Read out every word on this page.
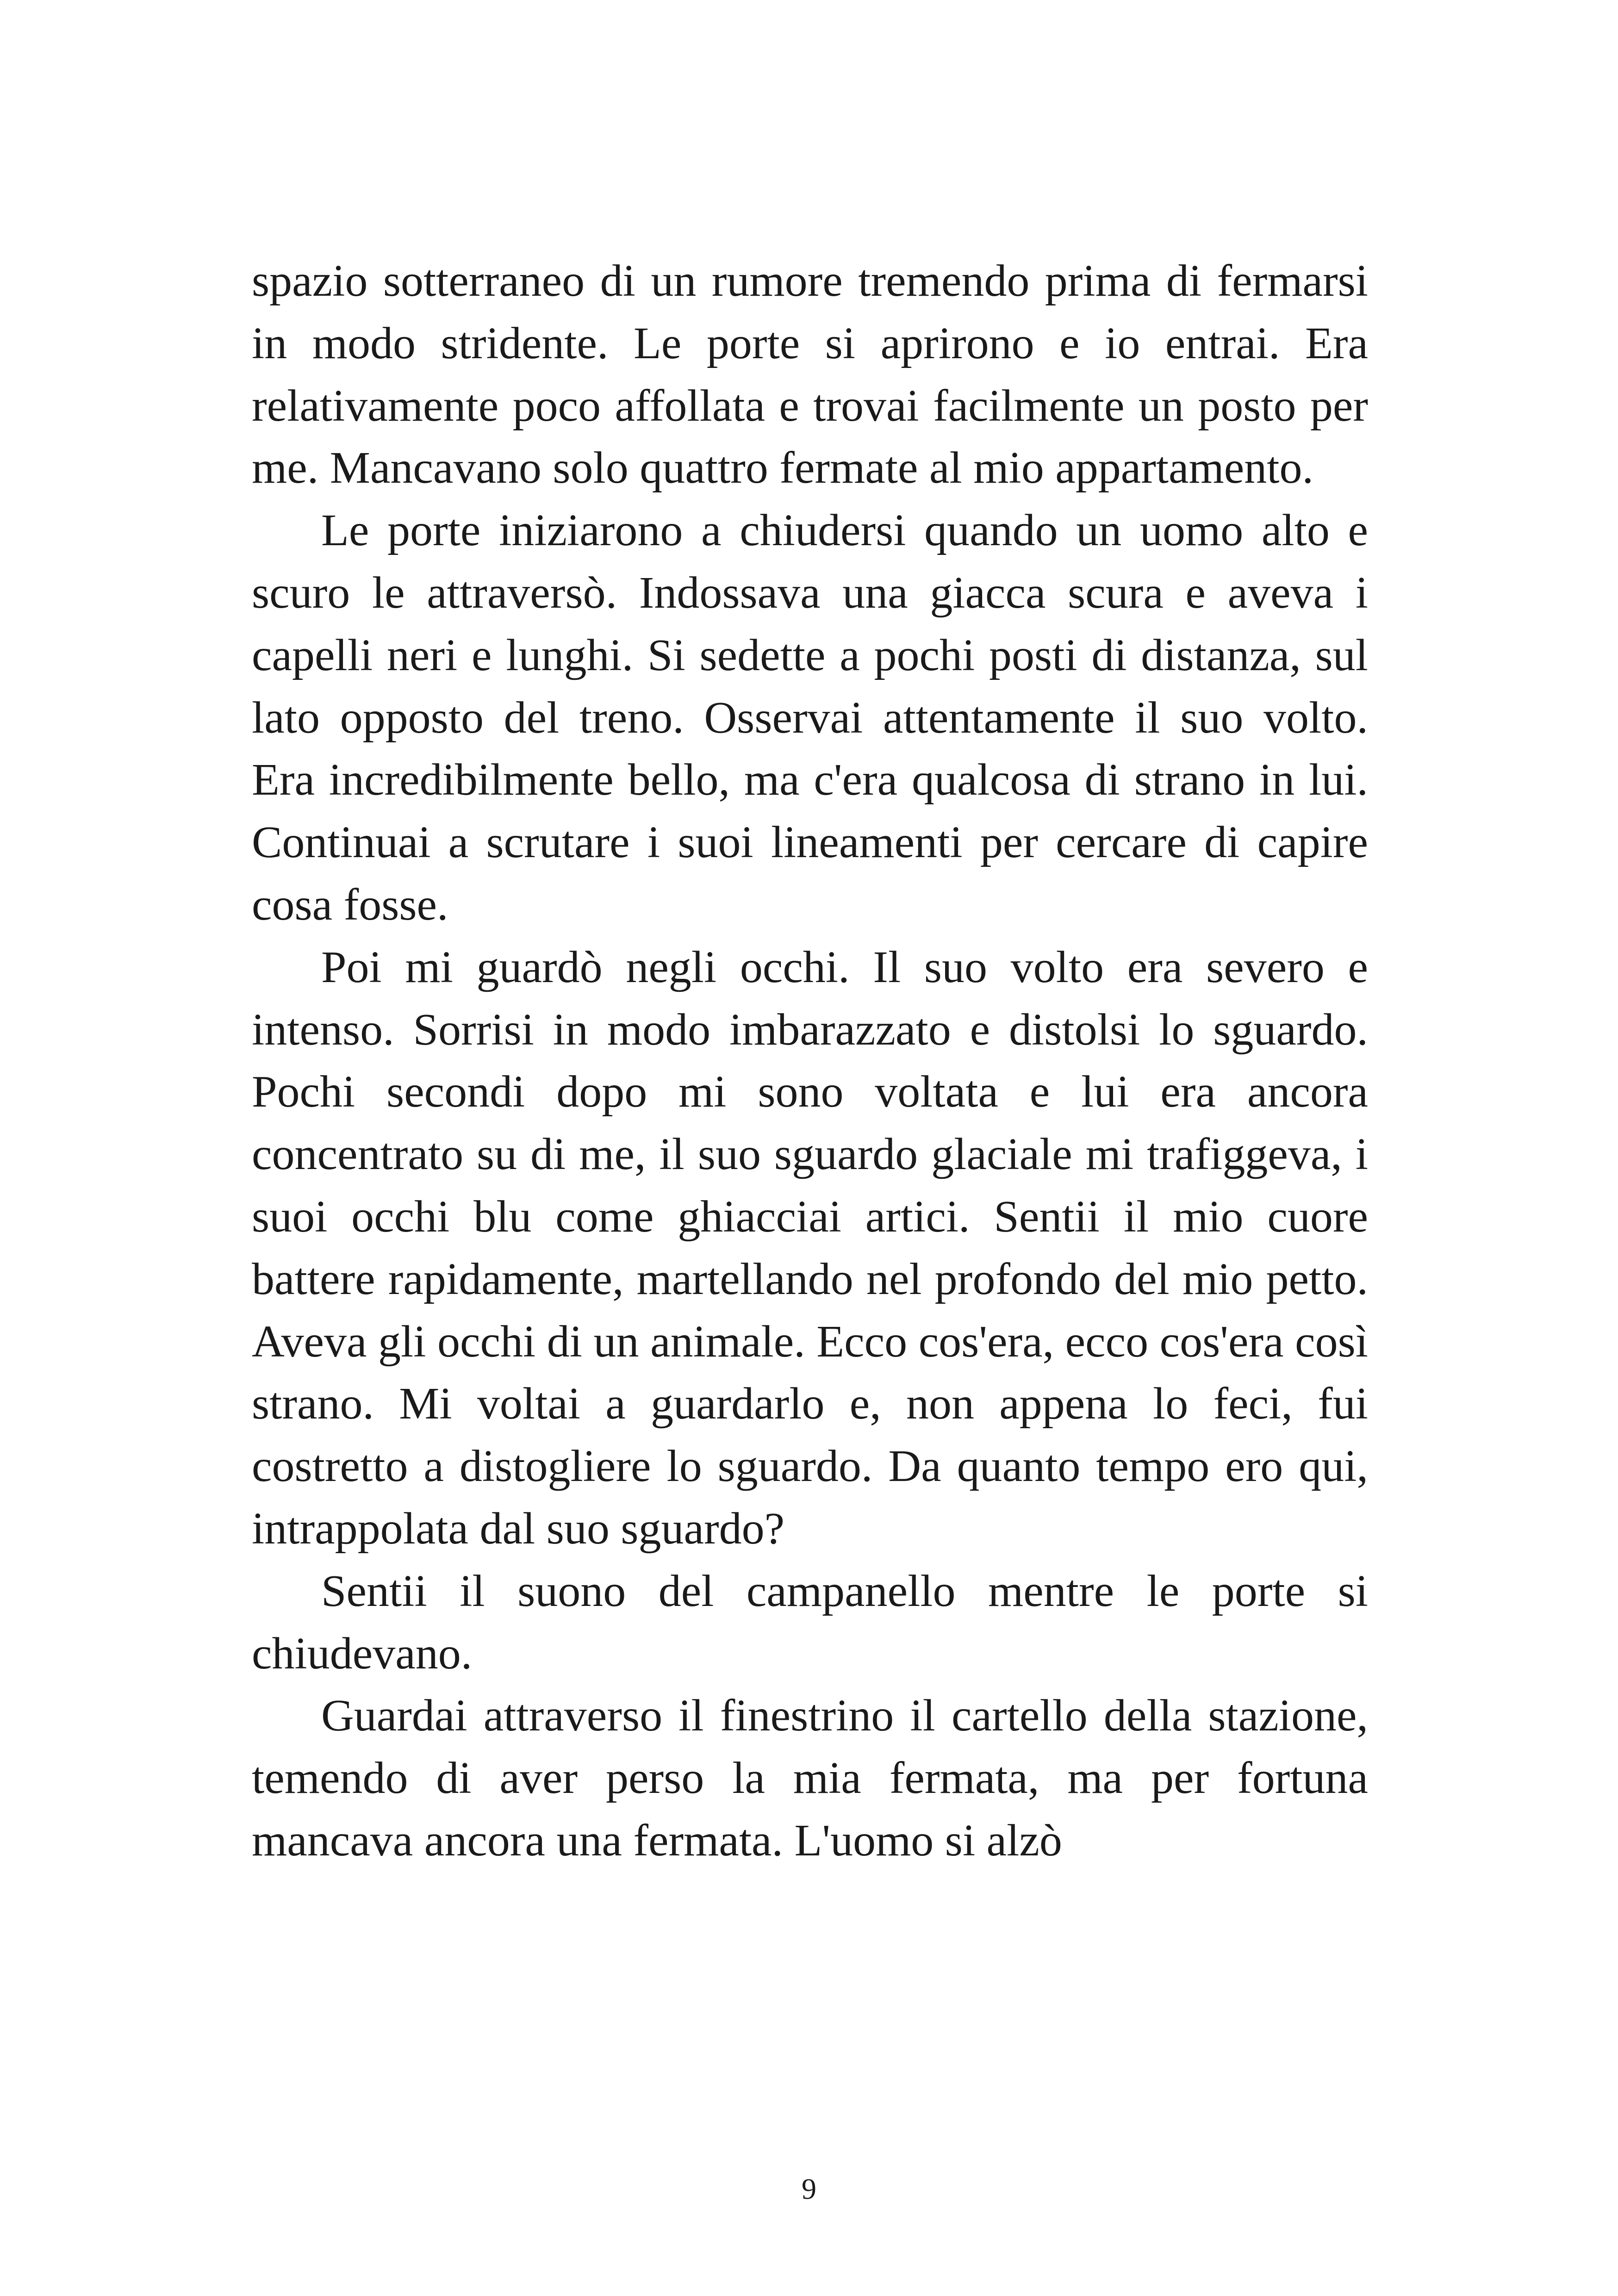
spazio sotterraneo di un rumore tremendo prima di fermarsi in modo stridente. Le porte si aprirono e io entrai. Era relativamente poco affollata e trovai facilmente un posto per me. Mancavano solo quattro fermate al mio appartamento.

Le porte iniziarono a chiudersi quando un uomo alto e scuro le attraversò. Indossava una giacca scura e aveva i capelli neri e lunghi. Si sedette a pochi posti di distanza, sul lato opposto del treno. Osservai attentamente il suo volto. Era incredibilmente bello, ma c'era qualcosa di strano in lui. Continuai a scrutare i suoi lineamenti per cercare di capire cosa fosse.

Poi mi guardò negli occhi. Il suo volto era severo e intenso. Sorrisi in modo imbarazzato e distolsi lo sguardo. Pochi secondi dopo mi sono voltata e lui era ancora concentrato su di me, il suo sguardo glaciale mi trafiggeva, i suoi occhi blu come ghiacciai artici. Sentii il mio cuore battere rapidamente, martellando nel profondo del mio petto. Aveva gli occhi di un animale. Ecco cos'era, ecco cos'era così strano. Mi voltai a guardarlo e, non appena lo feci, fui costretto a distogliere lo sguardo. Da quanto tempo ero qui, intrappolata dal suo sguardo?

Sentii il suono del campanello mentre le porte si chiudevano.

Guardai attraverso il finestrino il cartello della stazione, temendo di aver perso la mia fermata, ma per fortuna mancava ancora una fermata. L'uomo si alzò

9
